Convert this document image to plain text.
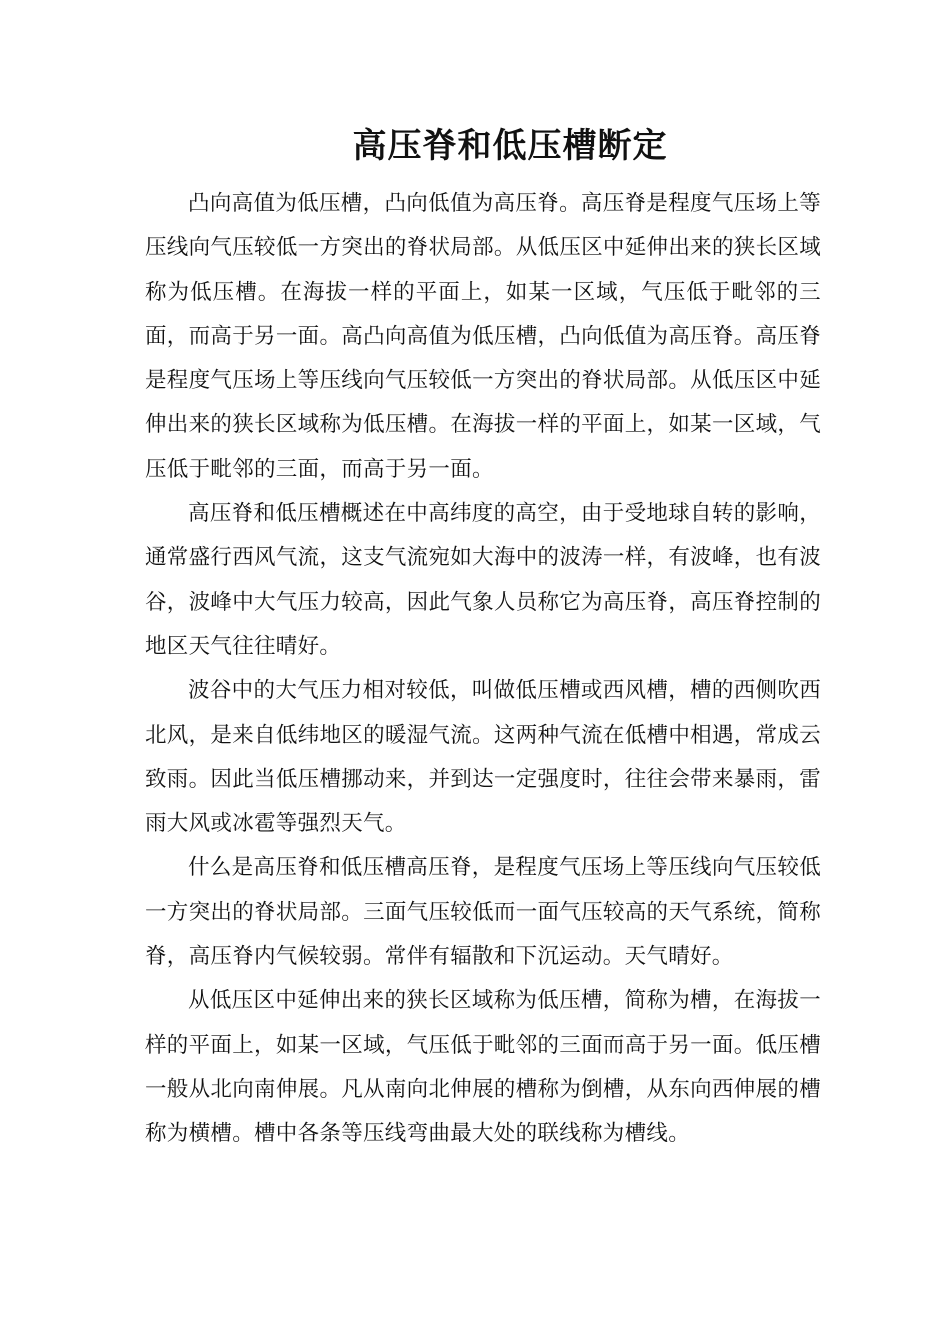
高压脊和低压槽断定

凸向高值为低压槽，凸向低值为高压脊。高压脊是程度气压场上等压线向气压较低一方突出的脊状局部。从低压区中延伸出来的狭长区域称为低压槽。在海拔一样的平面上，如某一区域，气压低于毗邻的三面，而高于另一面。高凸向高值为低压槽，凸向低值为高压脊。高压脊是程度气压场上等压线向气压较低一方突出的脊状局部。从低压区中延伸出来的狭长区域称为低压槽。在海拔一样的平面上，如某一区域，气压低于毗邻的三面，而高于另一面。

高压脊和低压槽概述在中高纬度的高空，由于受地球自转的影响，通常盛行西风气流，这支气流宛如大海中的波涛一样，有波峰，也有波谷，波峰中大气压力较高，因此气象人员称它为高压脊，高压脊控制的地区天气往往晴好。

波谷中的大气压力相对较低，叫做低压槽或西风槽，槽的西侧吹西北风，是来自低纬地区的暖湿气流。这两种气流在低槽中相遇，常成云致雨。因此当低压槽挪动来，并到达一定强度时，往往会带来暴雨，雷雨大风或冰雹等强烈天气。

什么是高压脊和低压槽高压脊，是程度气压场上等压线向气压较低一方突出的脊状局部。三面气压较低而一面气压较高的天气系统，简称脊，高压脊内气候较弱。常伴有辐散和下沉运动。天气晴好。

从低压区中延伸出来的狭长区域称为低压槽，简称为槽，在海拔一样的平面上，如某一区域，气压低于毗邻的三面而高于另一面。低压槽一般从北向南伸展。凡从南向北伸展的槽称为倒槽，从东向西伸展的槽称为横槽。槽中各条等压线弯曲最大处的联线称为槽线。
